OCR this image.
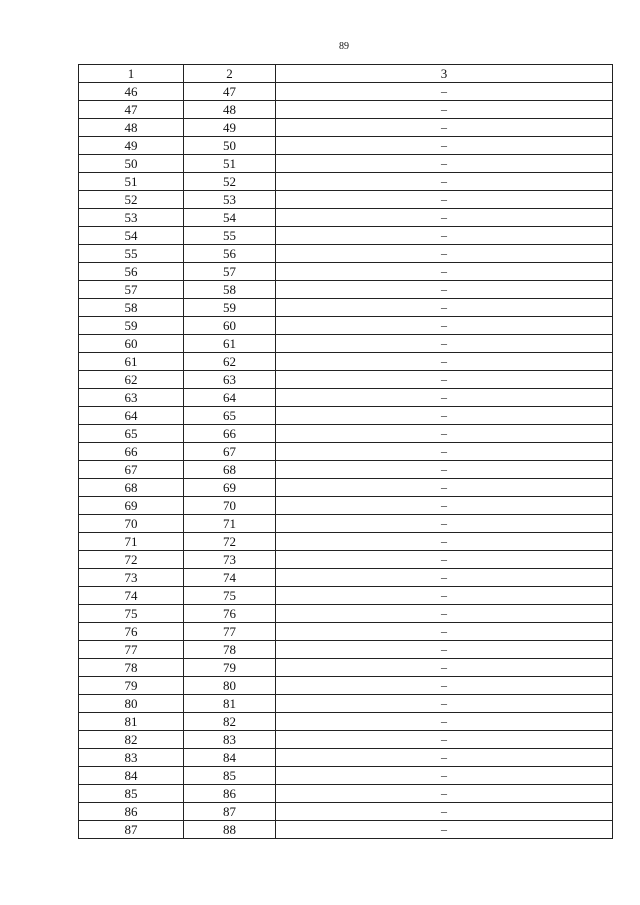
89
1	2	3
46	47	–
47	48	–
48	49	–
49	50	–
50	51	–
51	52	–
52	53	–
53	54	–
54	55	–
55	56	–
56	57	–
57	58	–
58	59	–
59	60	–
60	61	–
61	62	–
62	63	–
63	64	–
64	65	–
65	66	–
66	67	–
67	68	–
68	69	–
69	70	–
70	71	–
71	72	–
72	73	–
73	74	–
74	75	–
75	76	–
76	77	–
77	78	–
78	79	–
79	80	–
80	81	–
81	82	–
82	83	–
83	84	–
84	85	–
85	86	–
86	87	–
87	88	–
